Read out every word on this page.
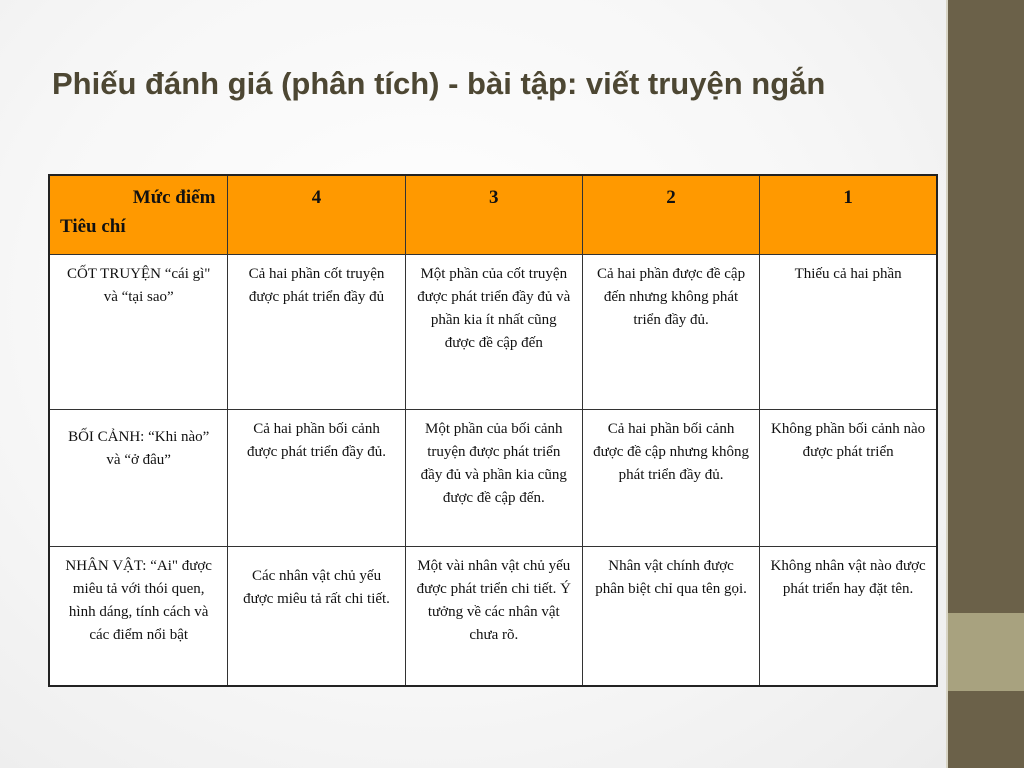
Phiếu đánh giá (phân tích) - bài tập: viết truyện ngắn
Mức điểm
Tiêu chí	4	3	2	1
CỐT TRUYỆN “cái gì" và “tại sao”	Cả hai phần cốt truyện được phát triển đầy đủ	Một phần của cốt truyện được phát triển đầy đủ và phần kia ít nhất cũng được đề cập đến	Cả hai phần được đề cập đến nhưng không phát triển đầy đủ.	Thiếu cả hai phần
BỐI CẢNH: “Khi nào” và “ở đâu”	Cả hai phần bối cảnh được phát triển đầy đủ.	Một phần của bối cảnh truyện được phát triển đầy đủ và phần kia cũng được đề cập đến.	Cả hai phần bối cảnh được đề cập nhưng không phát triển đầy đủ.	Không phần bối cảnh nào được phát triển
NHÂN VẬT: “Ai" được miêu tả với thói quen, hình dáng, tính cách và các điểm nổi bật	Các nhân vật chủ yếu được miêu tả rất chi tiết.	Một vài nhân vật chủ yếu được phát triển chi tiết. Ý tưởng về các nhân vật chưa rõ.	Nhân vật chính được phân biệt chỉ qua tên gọi.	Không nhân vật nào được phát triển hay đặt tên.
